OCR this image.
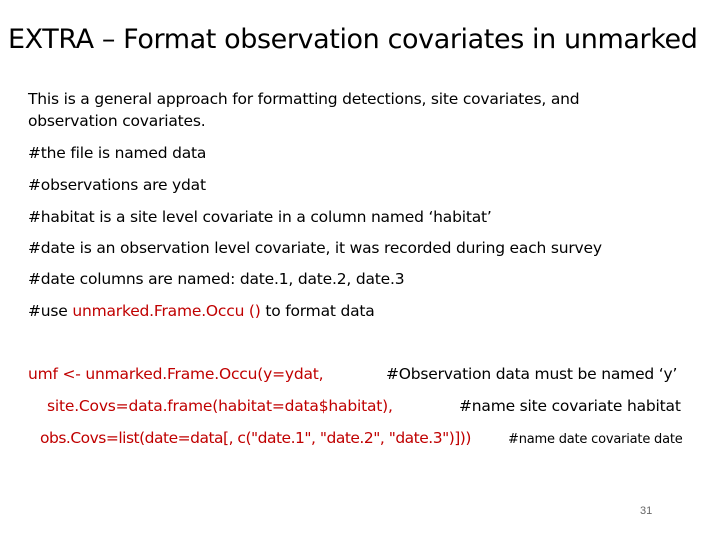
EXTRA – Format observation covariates in unmarked
This is a general approach for formatting detections, site covariates, and
observation covariates.
#the file is named data
#observations are ydat
#habitat is a site level covariate in a column named ‘habitat’
#date is an observation level covariate, it was recorded during each survey
#date columns are named: date.1, date.2, date.3
#use unmarked.Frame.Occu () to format data
umf <- unmarked.Frame.Occu(y=ydat,	#Observation data must be named ‘y’
site.Covs=data.frame(habitat=data$habitat),	#name site covariate habitat
obs.Covs=list(date=data[, c("date.1", "date.2", "date.3")]))	#name date covariate date
31
